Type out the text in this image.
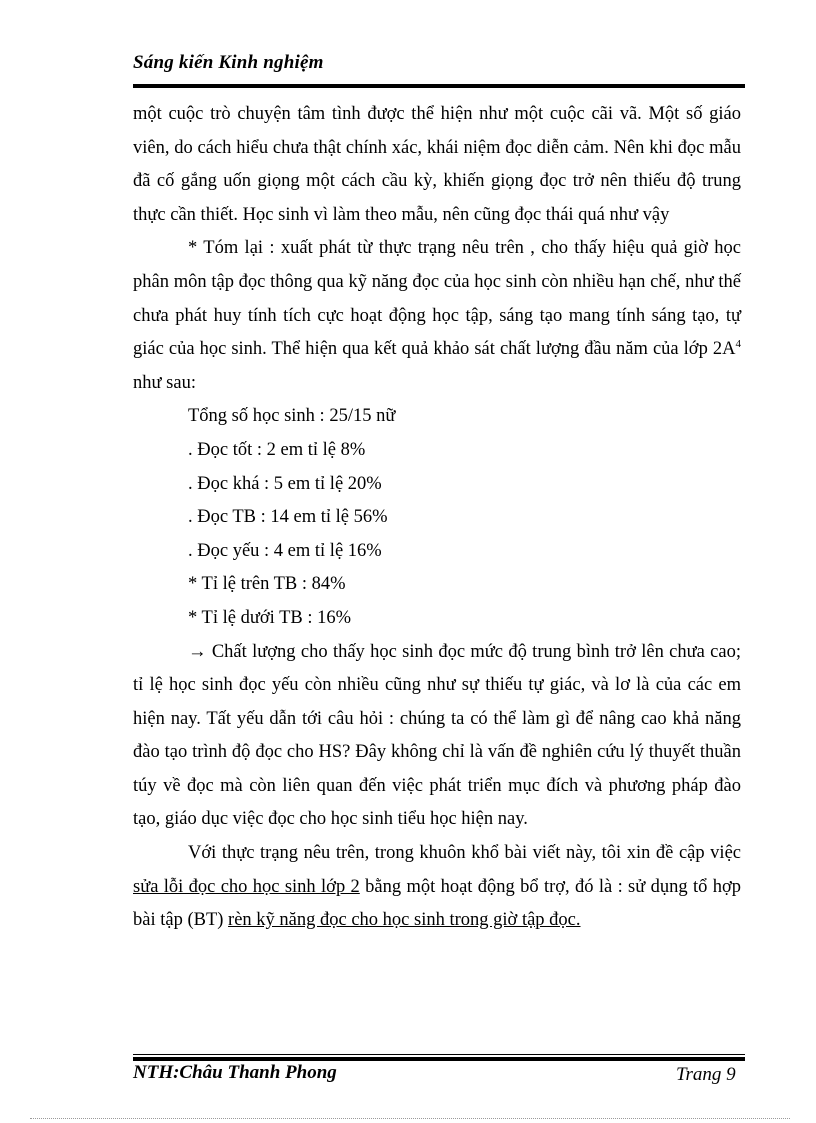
Sáng kiến Kinh nghiệm

một cuộc trò chuyện tâm tình được thể hiện như một cuộc cãi vã. Một số giáo viên, do cách hiểu chưa thật chính xác, khái niệm đọc diễn cảm. Nên khi đọc mẫu đã cố gắng uốn giọng một cách cầu kỳ, khiến giọng đọc trở nên thiếu độ trung thực cần thiết. Học sinh vì làm theo mẫu, nên cũng đọc thái quá như vậy

* Tóm lại : xuất phát từ thực trạng nêu trên , cho thấy hiệu quả giờ học phân môn tập đọc thông qua kỹ năng đọc của học sinh còn nhiều hạn chế, như thế chưa phát huy tính tích cực hoạt động học tập, sáng tạo mang tính sáng tạo, tự giác của học sinh. Thể hiện qua kết quả khảo sát chất lượng đầu năm của lớp $2A^4$ như sau:

Tổng số học sinh : 25/15 nữ

. Đọc tốt : 2 em tỉ lệ 8%

. Đọc khá : 5 em tỉ lệ 20%

. Đọc TB : 14 em tỉ lệ 56%

. Đọc yếu : 4 em tỉ lệ 16%

* Tỉ lệ trên TB : 84%

* Tỉ lệ dưới TB : 16%

→ Chất lượng cho thấy học sinh đọc mức độ trung bình trở lên chưa cao; tỉ lệ học sinh đọc yếu còn nhiều cũng như sự thiếu tự giác, và lơ là của các em hiện nay. Tất yếu dẫn tới câu hỏi : chúng ta có thể làm gì để nâng cao khả năng đào tạo trình độ đọc cho HS? Đây không chỉ là vấn đề nghiên cứu lý thuyết thuần túy về đọc mà còn liên quan đến việc phát triển mục đích và phương pháp đào tạo, giáo dục việc đọc cho học sinh tiểu học hiện nay.

Với thực trạng nêu trên, trong khuôn khổ bài viết này, tôi xin đề cập việc sửa lỗi đọc cho học sinh lớp 2 bằng một hoạt động bổ trợ, đó là : sử dụng tổ hợp bài tập (BT) rèn kỹ năng đọc cho học sinh trong giờ tập đọc.

NTH:Châu Thanh Phong	Trang 9
